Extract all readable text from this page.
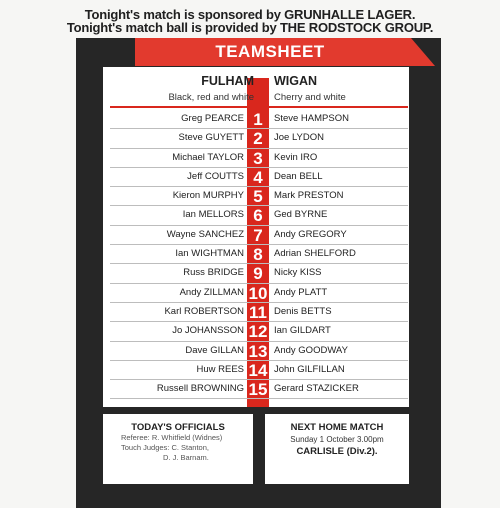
Tonight's match is sponsored by GRUNHALLE LAGER.
Tonight's match ball is provided by THE RODSTOCK GROUP.
TEAMSHEET
FULHAM
Black, red and white
WIGAN
Cherry and white
Greg PEARCE 1	Steve HAMPSON
Steve GUYETT 2	Joe LYDON
Michael TAYLOR 3	Kevin IRO
Jeff COUTTS 4	Dean BELL
Kieron MURPHY 5	Mark PRESTON
Ian MELLORS 6	Ged BYRNE
Wayne SANCHEZ 7	Andy GREGORY
Ian WIGHTMAN 8	Adrian SHELFORD
Russ BRIDGE 9	Nicky KISS
Andy ZILLMAN 10 Andy PLATT
Karl ROBERTSON 11 Denis BETTS
Jo JOHANSSON 12 Ian GILDART
Dave GILLAN 13 Andy GOODWAY
Huw REES 14 John GILFILLAN
Russell BROWNING 15 Gerard STAZICKER
TODAY'S OFFICIALS
Referee: R. Whitfield (Widnes)
Touch Judges: C. Stanton,
D. J. Barnam.
NEXT HOME MATCH
Sunday 1 October 3.00pm
CARLISLE (Div.2).
